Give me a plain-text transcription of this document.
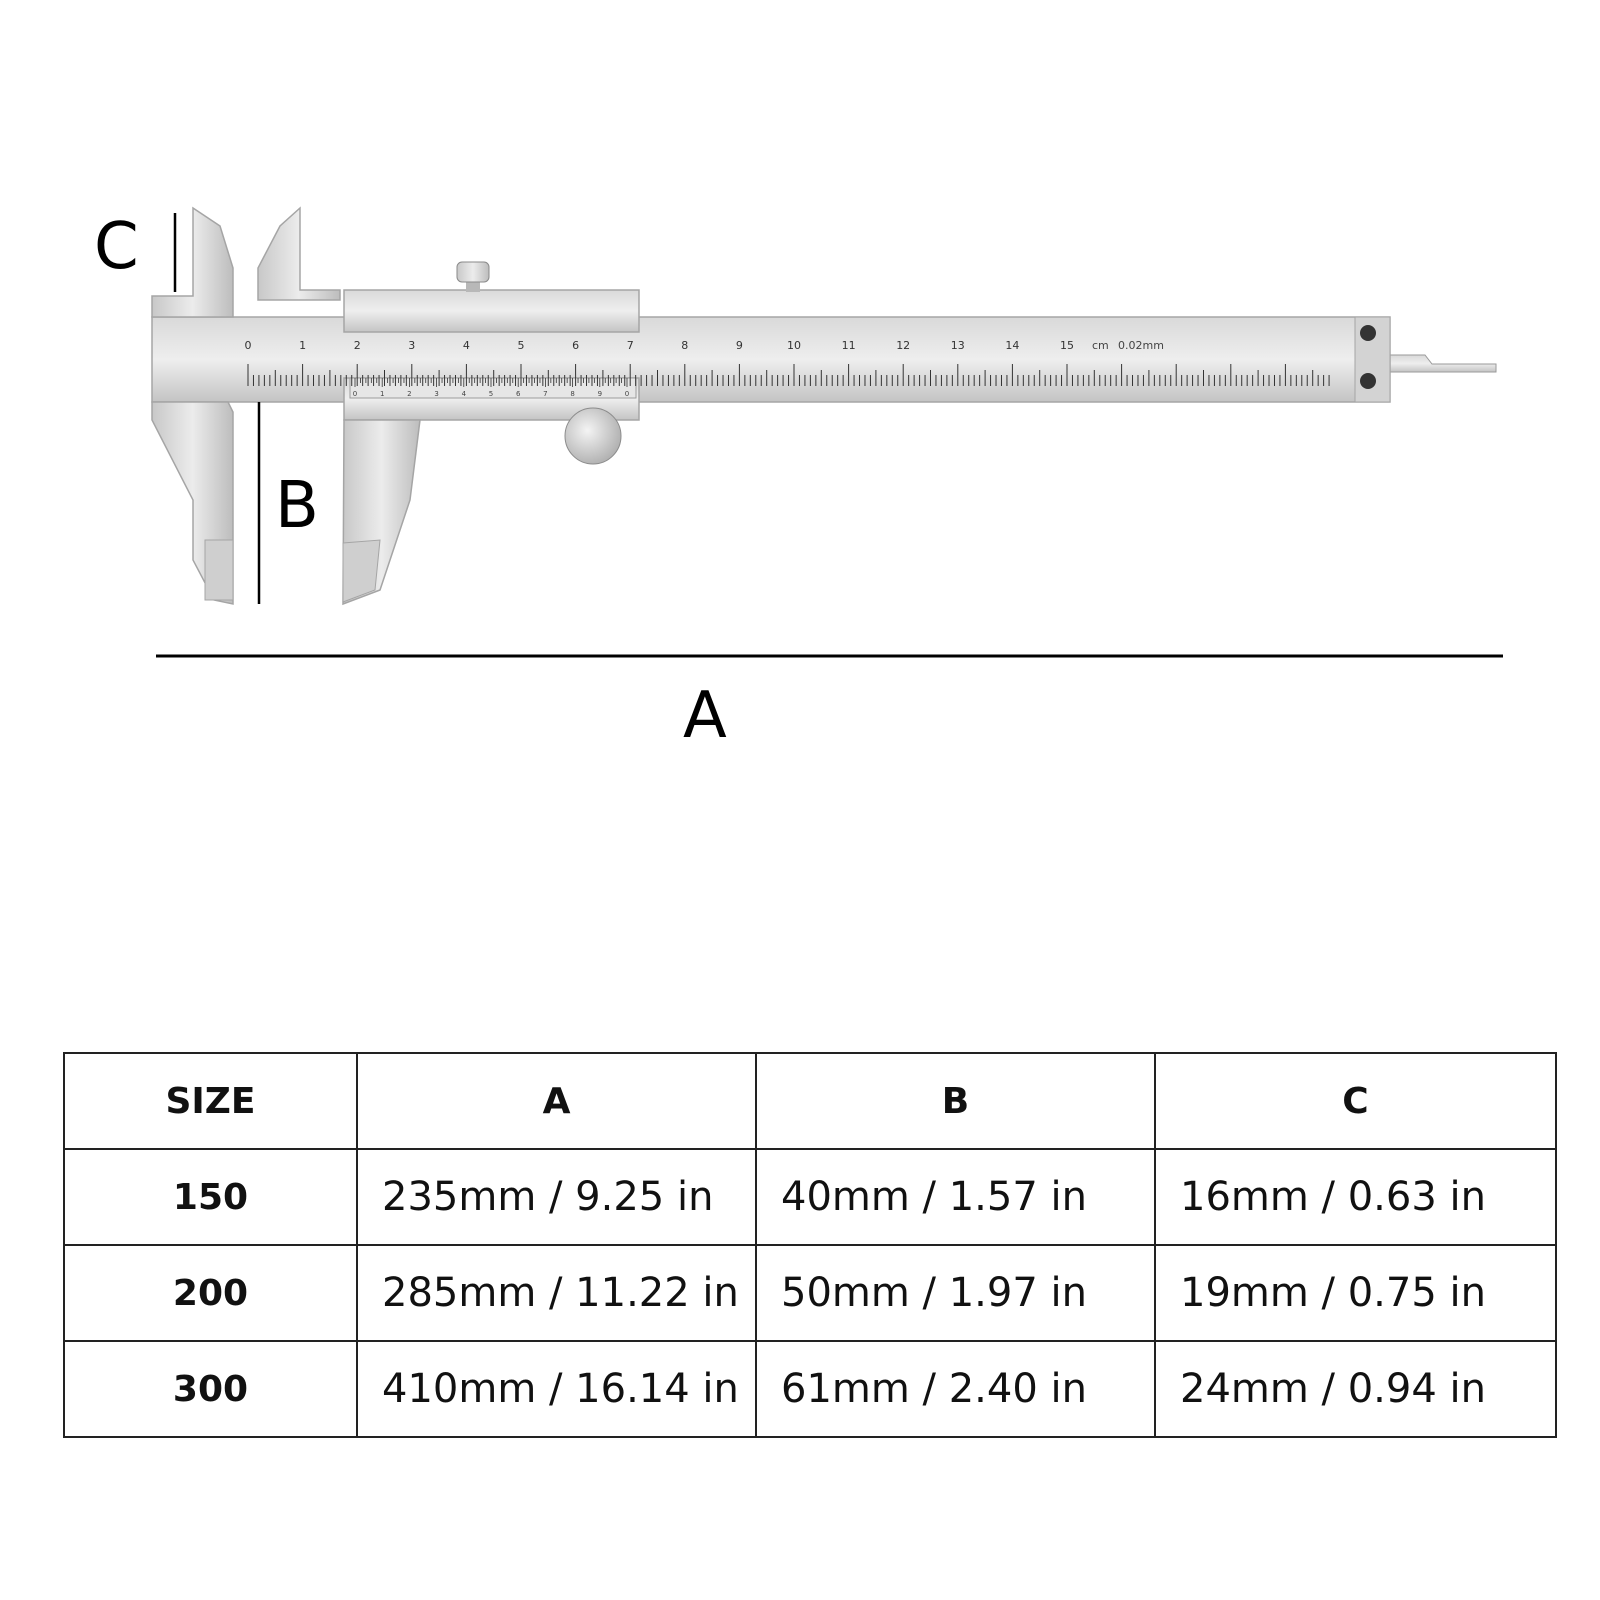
0	1	2	3	4	5	6	7	8	9	10	11	12	13	14	15 cm 0.02mm
0	1	2	3	4	5	6	7	8	9	0
C
B
A
SIZE	A	B	C
150	235mm / 9.25 in	40mm / 1.57 in	16mm / 0.63 in
200	285mm / 11.22 in	50mm / 1.97 in	19mm / 0.75 in
300	410mm / 16.14 in	61mm / 2.40 in	24mm / 0.94 in
